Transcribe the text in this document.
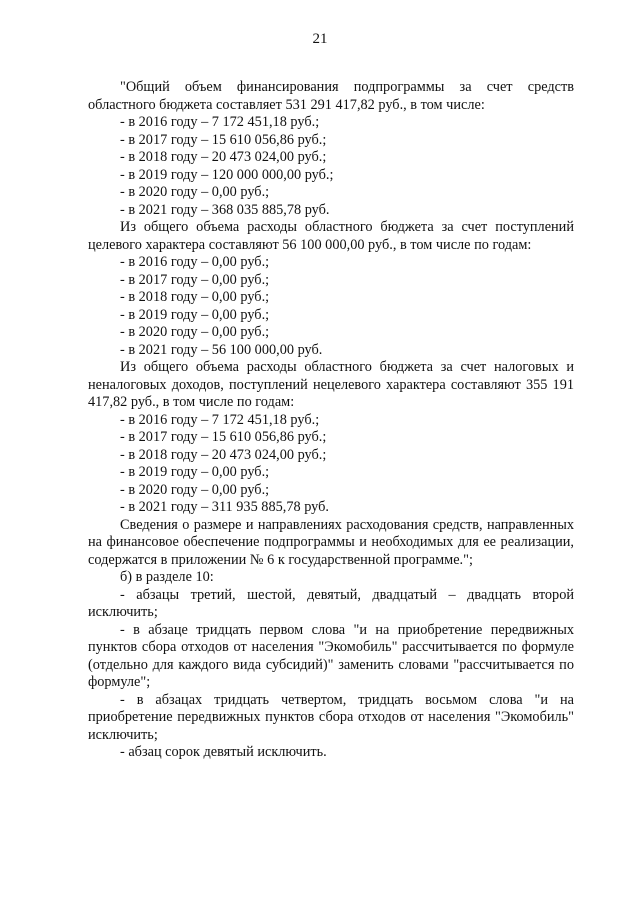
21

"Общий объем финансирования подпрограммы за счет средств областного бюджета составляет 531 291 417,82 руб., в том числе:

- в 2016 году – 7 172 451,18 руб.;

- в 2017 году – 15 610 056,86 руб.;

- в 2018 году – 20 473 024,00 руб.;

- в 2019 году – 120 000 000,00 руб.;

- в 2020 году – 0,00 руб.;

- в 2021 году – 368 035 885,78 руб.

Из общего объема расходы областного бюджета за счет поступлений целевого характера составляют 56 100 000,00 руб., в том числе по годам:

- в 2016 году – 0,00 руб.;

- в 2017 году – 0,00 руб.;

- в 2018 году – 0,00 руб.;

- в 2019 году – 0,00 руб.;

- в 2020 году – 0,00 руб.;

- в 2021 году – 56 100 000,00 руб.

Из общего объема расходы областного бюджета за счет налоговых и неналоговых доходов, поступлений нецелевого характера составляют 355 191 417,82 руб., в том числе по годам:

- в 2016 году – 7 172 451,18 руб.;

- в 2017 году – 15 610 056,86 руб.;

- в 2018 году – 20 473 024,00 руб.;

- в 2019 году – 0,00 руб.;

- в 2020 году – 0,00 руб.;

- в 2021 году – 311 935 885,78 руб.

Сведения о размере и направлениях расходования средств, направленных на финансовое обеспечение подпрограммы и необходимых для ее реализации, содержатся в приложении № 6 к государственной программе.";

б) в разделе 10:

- абзацы третий, шестой, девятый, двадцатый – двадцать второй исключить;

- в абзаце тридцать первом слова "и на приобретение передвижных пунктов сбора отходов от населения "Экомобиль" рассчитывается по формуле (отдельно для каждого вида субсидий)" заменить словами "рассчитывается по формуле";

- в абзацах тридцать четвертом, тридцать восьмом слова "и на приобретение передвижных пунктов сбора отходов от населения "Экомобиль" исключить;

- абзац сорок девятый исключить.
